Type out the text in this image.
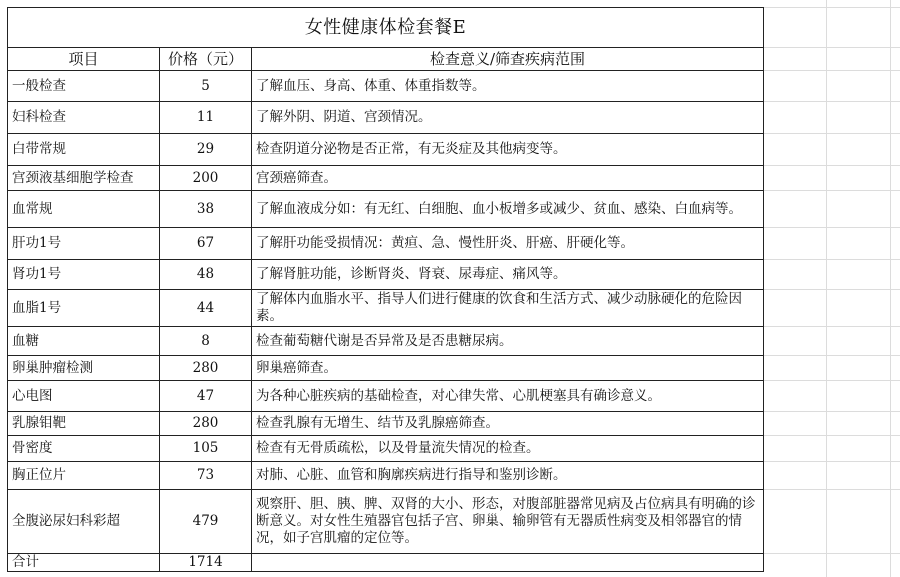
女性健康体检套餐E		
项目	价格（元）	检查意义/筛查疾病范围
一般检查	5	了解血压、身高、体重、体重指数等。
妇科检查	11	了解外阴、阴道、宫颈情况。
白带常规	29	检查阴道分泌物是否正常，有无炎症及其他病变等。
宫颈液基细胞学检查	200	宫颈癌筛查。
血常规	38	了解血液成分如：有无红、白细胞、血小板增多或减少、贫血、感染、白血病等。
肝功1号	67	了解肝功能受损情况：黄疸、急、慢性肝炎、肝癌、肝硬化等。
肾功1号	48	了解肾脏功能，诊断肾炎、肾衰、尿毒症、痛风等。
血脂1号	44	了解体内血脂水平、指导人们进行健康的饮食和生活方式、减少动脉硬化的危险因素。
血糖	8	检查葡萄糖代谢是否异常及是否患糖尿病。
卵巢肿瘤检测	280	卵巢癌筛查。
心电图	47	为各种心脏疾病的基础检查，对心律失常、心肌梗塞具有确诊意义。
乳腺钼靶	280	检查乳腺有无增生、结节及乳腺癌筛查。
骨密度	105	检查有无骨质疏松，以及骨量流失情况的检查。
胸正位片	73	对肺、心脏、血管和胸廓疾病进行指导和鉴别诊断。
全腹泌尿妇科彩超	479	观察肝、胆、胰、脾、双肾的大小、形态，对腹部脏器常见病及占位病具有明确的诊断意义。对女性生殖器官包括子宫、卵巢、输卵管有无器质性病变及相邻器官的情况，如子宫肌瘤的定位等。
合计	1714	
